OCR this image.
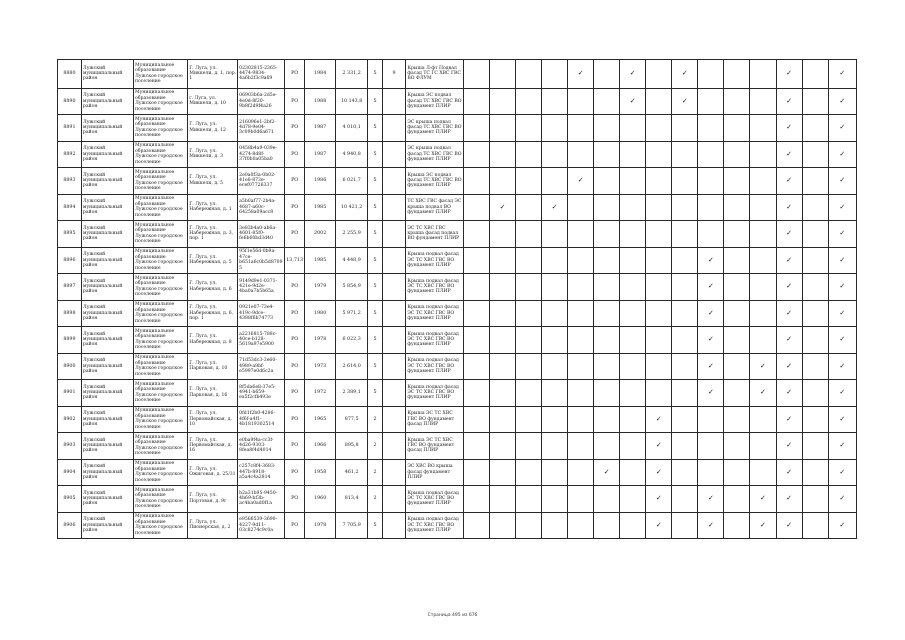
8880	Лужский муниципальный район	Муниципальное образование Лужское городское поселение	Г. Луга, ул. Миккели, д. 1, пор. 1	02302815-2365-4474-9834-4a6b2f3c9a69	РО	1984	2 331,2	5	9	Крыша Л-фт Подвал фасад ТС ГС ХВС ГВС ВО ФЛУМ					✓		✓		✓				✓		✓
8890	Лужский муниципальный район	Муниципальное образование Лужское городское поселение	г. Луга, ул. Миккели, д. 10	06903b6a-2d5e-4e0d-8f20-9b8f2d9f4a26	РО	1988	10 143,8	5		Крыша ЭС подвал фасад ТС ХВС ГВС ВО фундамент ПЛИР							✓		✓				✓		✓
8891	Лужский муниципальный район	Муниципальное образование Лужское городское поселение	Г. Луга, ул. Миккели, д. 12	216096e1-2bf2-4d78-9e04-3c09b0d6a671	РО	1987	4 010,1	5		ЭС крыша подвал фасад ТС ХВС ГВС ВО фундамент ПЛИР													✓		✓
8892	Лужский муниципальный район	Муниципальное образование Лужское городское поселение	Г. Луга, ул. Миккели, д. 3	0458b4a9-039e-4274-8d8f-37f0b0a05ba0	РО	1987	4 940,8	5		ЭС крыша подвал фасад ТС ХВС ГВС ВО фундамент ПЛИР													✓		✓
8893	Лужский муниципальный район	Муниципальное образование Лужское городское поселение	Г. Луга, ул. Миккели, д. 5	2e0a0f3a-0b02-41e8-873e-ecef07726337	РО	1986	6 021,7	5		Крыша ЭС подвал фасад ТС ХВС ГВС ВО фундамент ПЛИР					✓								✓		✓
8894	Лужский муниципальный район	Муниципальное образование Лужское городское поселение	Г. Луга, ул. Набережная, д. 1	a5b0af77-2b4a-4687-a60c-64258a09acc8	РО	1985	10 421,2	5		ТС ХВС ГВС фасад ЭС крыша подвал ВО фундамент ПЛИР		✓		✓									✓		✓
8895	Лужский муниципальный район	Муниципальное образование Лужское городское поселение	Г. Луга, ул. Набережная, д. 3, пор. 1	3e83b4a0-ab6a-4601-85f0-fe6b60bd3d40	РО	2002	2 255,9	5		ЭС ТС ХВС ГВС крыша фасад подвал ВО фундамент ПЛИР													✓		✓
8896	Лужский муниципальный район	Муниципальное образование Лужское городское поселение	Г. Луга, ул. Набережная, д. 5	95f1e56d-0b9a-47ce-b651a6c0b5d87095	13,713	1985	4 448,9	5		Крыша подвал фасад ЭС ТС ХВС ГВС ВО фундамент ПЛИР										✓			✓		✓
8897	Лужский муниципальный район	Муниципальное образование Лужское городское поселение	Г. Луга, ул. Набережная, д. 6	9149d9e1-0371-421e-9d2e-4ba0a7b5b65a	РО	1979	5 854,9	5		Крыша подвал фасад ЭС ТС ХВС ГВС ВО фундамент ПЛИР										✓			✓		✓
8898	Лужский муниципальный район	Муниципальное образование Лужское городское поселение	Г. Луга, ул. Набережная, д. 6, пор. 1	0921e07-73e4-419c-9dce-4388f6b74773	РО	1980	5 971,2	5		Крыша подвал фасад ЭС ТС ХВС ГВС ВО фундамент ПЛИР										✓			✓		✓
8899	Лужский муниципальный район	Муниципальное образование Лужское городское поселение	Г. Луга, ул. Набережная, д. 8	a2216815-788c-40ce-b128-5619a97e5900	РО	1978	6 022,3	5		Крыша подвал фасад ЭС ТС ХВС ГВС ВО фундамент ПЛИР										✓			✓		✓
8900	Лужский муниципальный район	Муниципальное образование Лужское городское поселение	Г. Луга, ул. Парковая, д. 10	71d53dc3-3e60-4989-a9bf-e5997e0d6c2a	РО	1973	2 614,0	5		Крыша подвал фасад ЭС ТС ХВС ГВС ВО фундамент ПЛИР										✓		✓	✓		✓
8901	Лужский муниципальный район	Муниципальное образование Лужское городское поселение	Г. Луга, ул. Парковая, д. 16	8f5da6e8-37e5-4941-b659-ea5f2cfb493e	РО	1972	2 389,1	5		Крыша подвал фасад ЭС ТС ХВС ГВС ВО фундамент ПЛИР										✓		✓	✓		✓
8902	Лужский муниципальный район	Муниципальное образование Лужское городское поселение	Г. Луга, ул. Первомайская, д. 10	0fd1f2b0-4286-4f6f-a4f1-4b1819302514	РО	1965	877,5	2		Крыша ЭС ТС ХВС ГВС ВО фундамент фасад ПЛИР								✓					✓		✓
8903	Лужский муниципальный район	Муниципальное образование Лужское городское поселение	Г. Луга, ул. Первомайская, д. 16	e0ba9f4a-cc3f-4d26-9303-8fea8f4d4014	РО	1966	895,8	2		Крыша ЭС ТС ХВС ГВС ВО фундамент фасад ПЛИР								✓					✓		✓
8904	Лужский муниципальный район	Муниципальное образование Лужское городское поселение	Г. Луга, ул. Ожиговая, д. 25/31	c257c8f4-3683-447b-8918-a5a4c4a2814	РО	1958	461,2	2		ЭС ХВС ВО крыша фасад фундамент ПЛИР						✓		✓					✓		✓
8905	Лужский муниципальный район	Муниципальное образование Лужское городское поселение	Г. Луга, ул. Портовая, д. 9г	b2a31b95-9450-4b69-bf3b-ac4ba0ad0f1a	РО	1960	813,4	2		Крыша подвал фасад ЭС ТС ХВС ГВС ВО фундамент ПЛИР								✓		✓		✓	✓		✓
8906	Лужский муниципальный район	Муниципальное образование Лужское городское поселение	Г. Луга, ул. Пионерская, д. 2	e9566539-3690-4227-9d11-03c8274c9c0a	РО	1978	7 705,9	5		Крыша подвал фасад ЭС ТС ХВС ГВС ВО фундамент ПЛИР								✓		✓		✓	✓		✓
Страница 495 из 676
